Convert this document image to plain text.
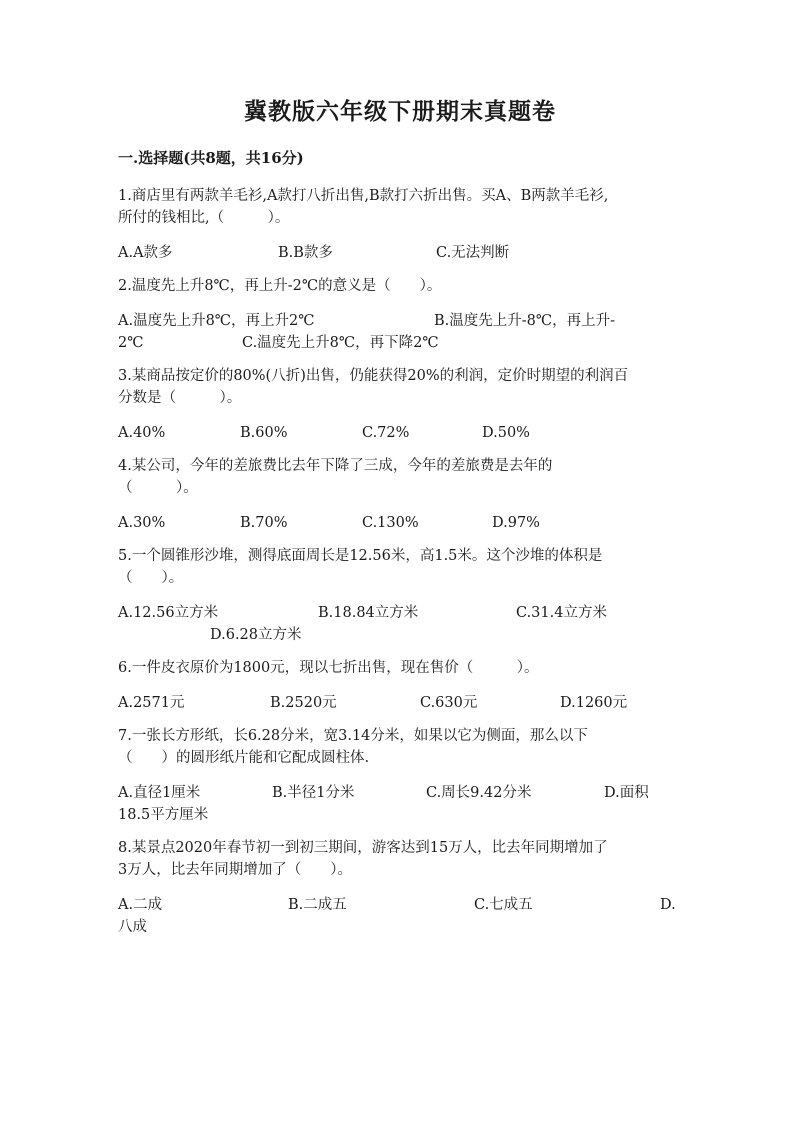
冀教版六年级下册期末真题卷
一.选择题(共8题，共16分)
1.商店里有两款羊毛衫,A款打八折出售,B款打六折出售。买A、B两款羊毛衫,
所付的钱相比,（　　　）。
A.A款多	B.B款多	C.无法判断
2.温度先上升8℃，再上升-2℃的意义是（　　）。
A.温度先上升8℃，再上升2℃	B.温度先上升-8℃，再上升-
2℃	C.温度先上升8℃，再下降2℃
3.某商品按定价的80%(八折)出售，仍能获得20%的利润，定价时期望的利润百
分数是（　　　）。
A.40%	B.60%	C.72%	D.50%
4.某公司，今年的差旅费比去年下降了三成，今年的差旅费是去年的
（　　　）。
A.30%	B.70%	C.130%	D.97%
5.一个圆锥形沙堆，测得底面周长是12.56米，高1.5米。这个沙堆的体积是
（　　）。
A.12.56立方米	B.18.84立方米	C.31.4立方米
D.6.28立方米
6.一件皮衣原价为1800元，现以七折出售，现在售价（　　　）。
A.2571元	B.2520元	C.630元	D.1260元
7.一张长方形纸，长6.28分米，宽3.14分米，如果以它为侧面，那么以下
（　　）的圆形纸片能和它配成圆柱体.
A.直径1厘米	B.半径1分米	C.周长9.42分米	D.面积
18.5平方厘米
8.某景点2020年春节初一到初三期间，游客达到15万人，比去年同期增加了
3万人，比去年同期增加了（　　）。
A.二成	B.二成五	C.七成五	D.
八成
